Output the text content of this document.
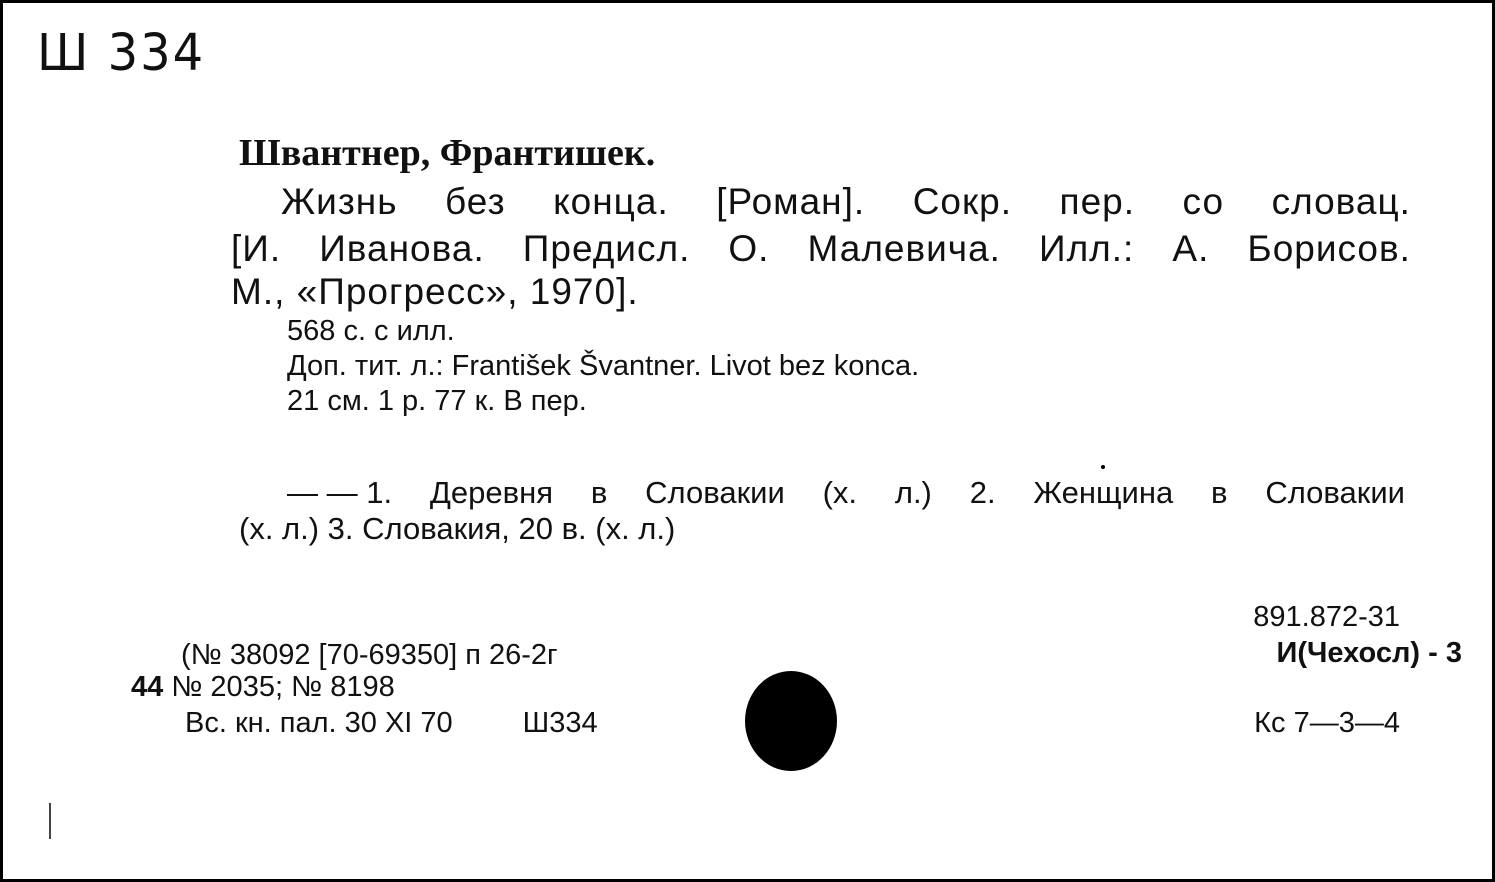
Ш 334
Швантнер, Франтишек.
Жизнь без конца. [Роман]. Сокр. пер. со словац.
[И. Иванова. Предисл. О. Малевича. Илл.: А. Борисов.
М., «Прогресс», 1970].
568 с. с илл.
Доп. тит. л.: František Švantner. Livot bez konca.
21 см. 1 р. 77 к. В пер.
— — 1. Деревня в Словакии (х. л.) 2. Женщина в Словакии
(х. л.) 3. Словакия, 20 в. (х. л.)
(№ 38092 [70-69350] п 26-2г
44 № 2035; № 8198
Вс. кн. пал. 30 XI 70 Ш334
891.872-31
И(Чехосл) - 3
Кс 7—3—4
